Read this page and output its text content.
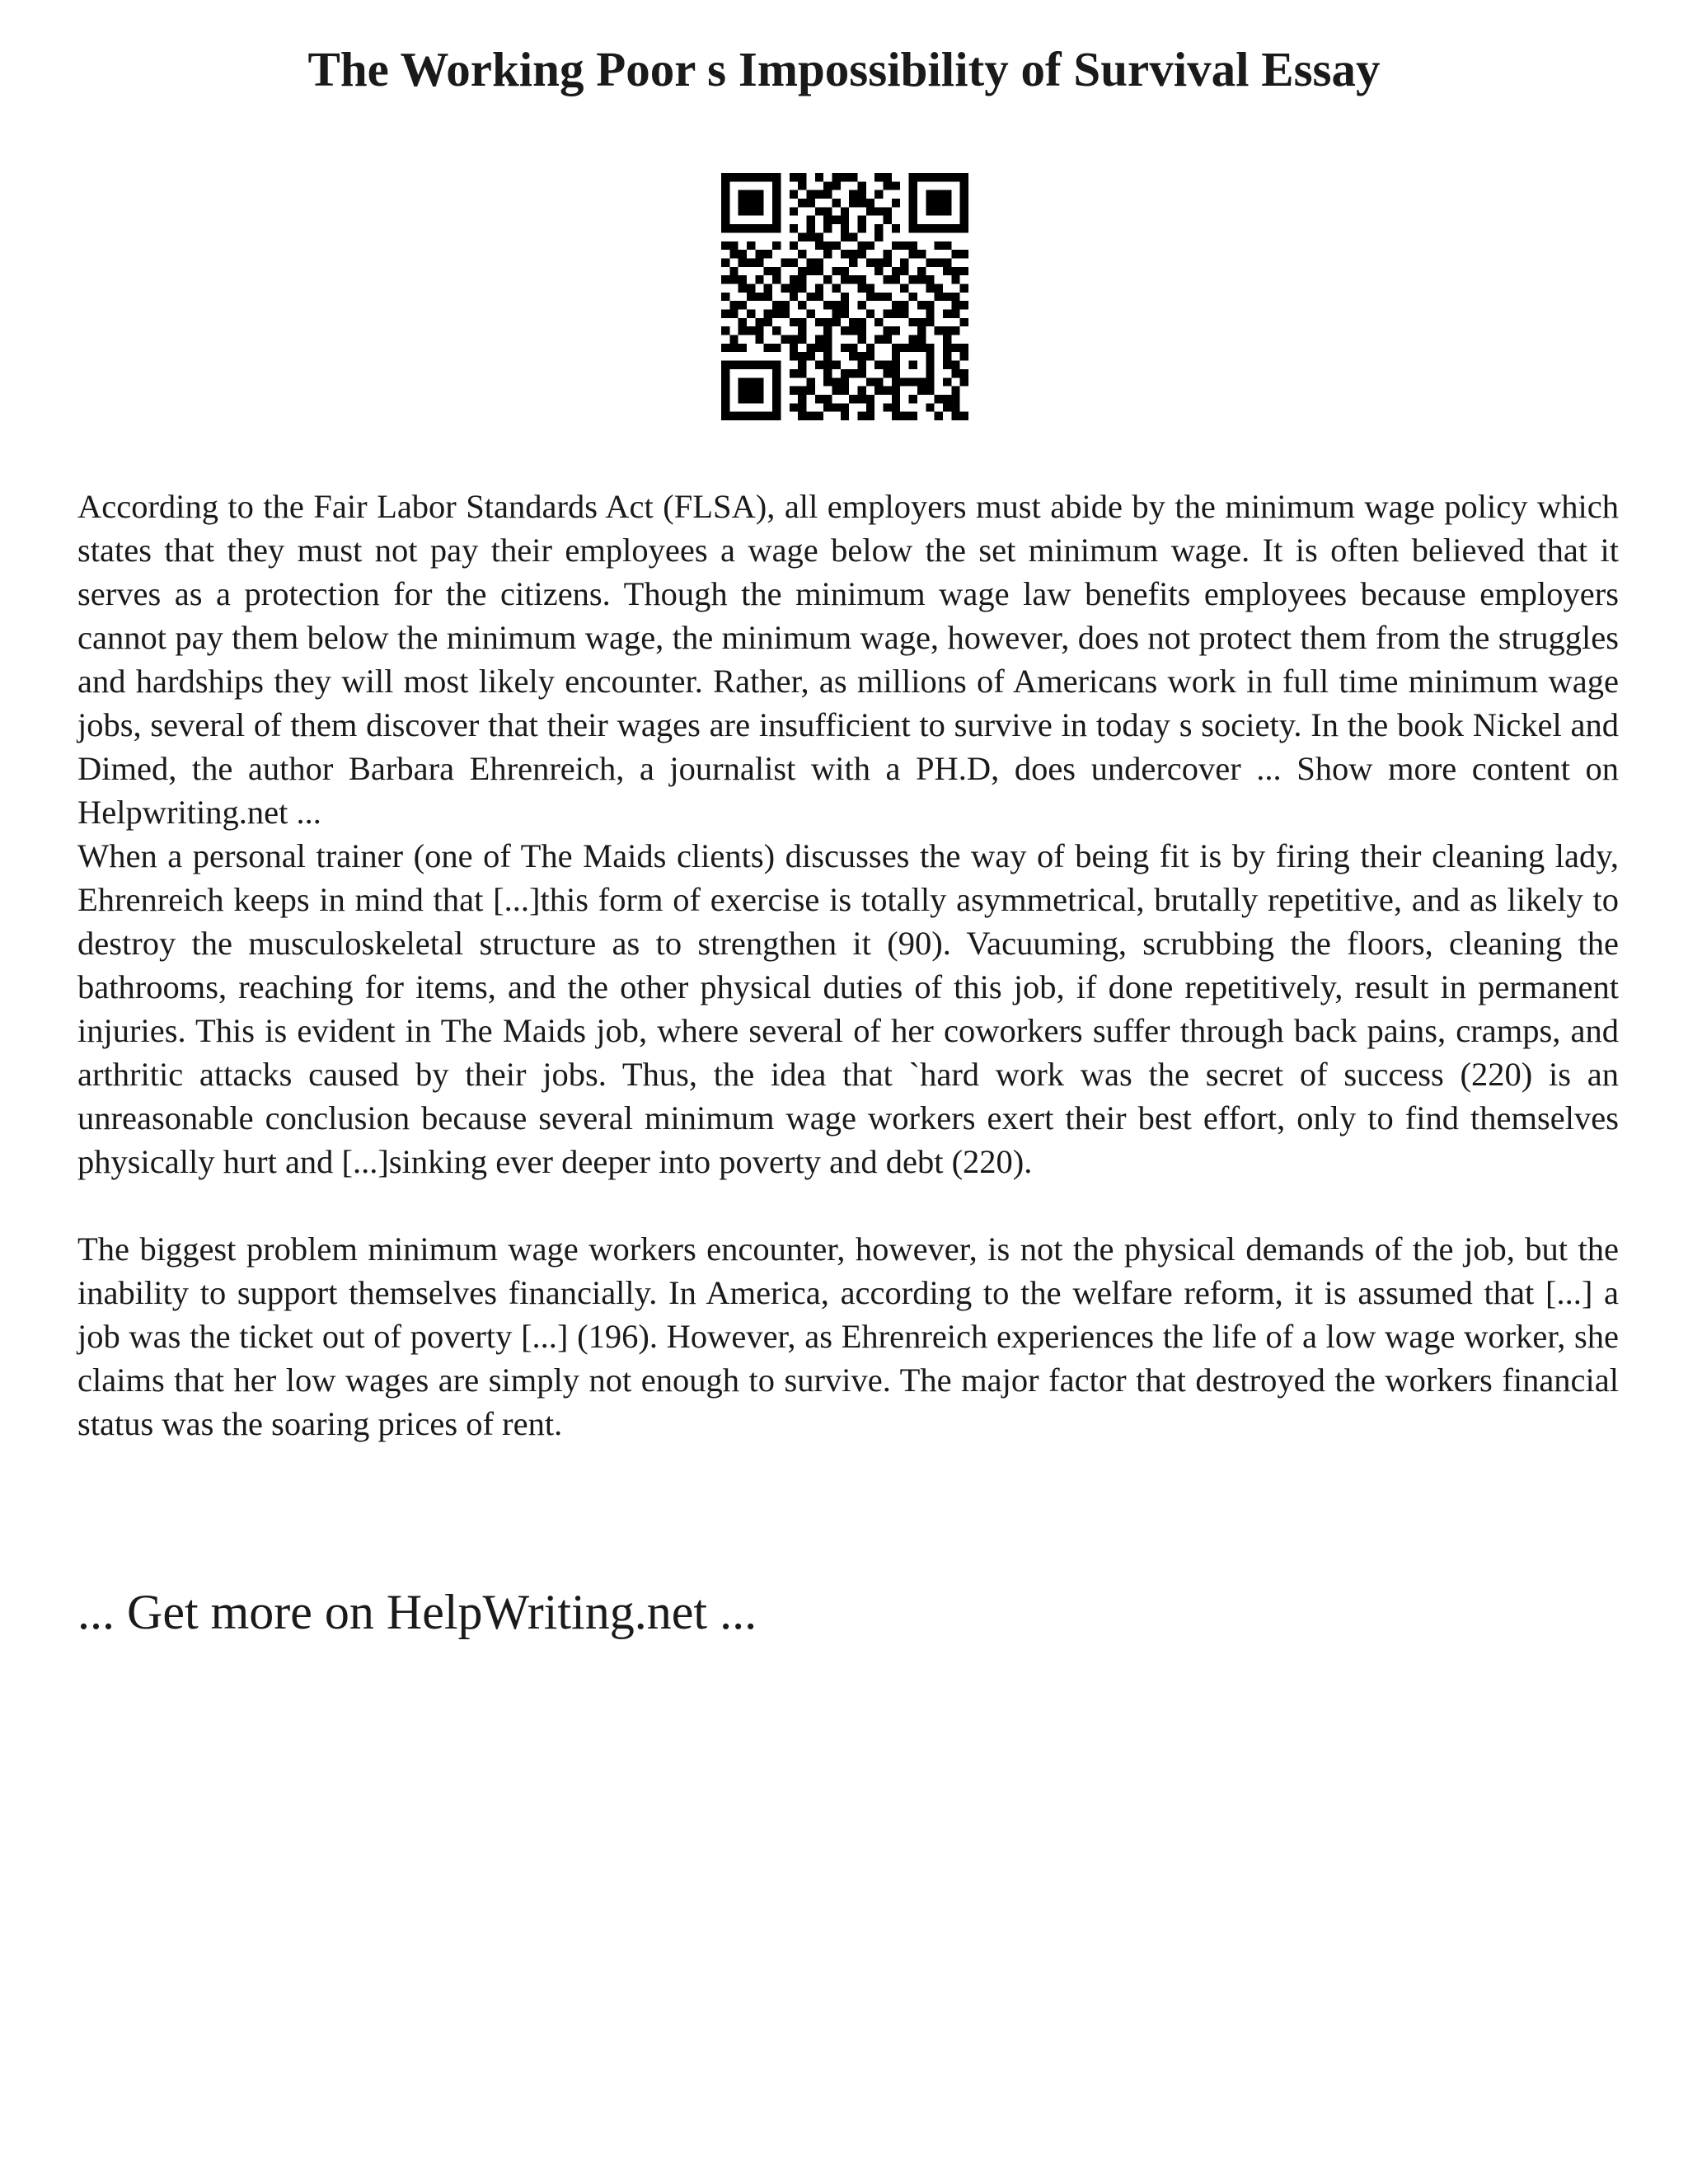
The Working Poor s Impossibility of Survival Essay

According to the Fair Labor Standards Act (FLSA), all employers must abide by the minimum wage policy which states that they must not pay their employees a wage below the set minimum wage. It is often believed that it serves as a protection for the citizens. Though the minimum wage law benefits employees because employers cannot pay them below the minimum wage, the minimum wage, however, does not protect them from the struggles and hardships they will most likely encounter. Rather, as millions of Americans work in full time minimum wage jobs, several of them discover that their wages are insufficient to survive in today s society. In the book Nickel and Dimed, the author Barbara Ehrenreich, a journalist with a PH.D, does undercover ... Show more content on Helpwriting.net ...

When a personal trainer (one of The Maids clients) discusses the way of being fit is by firing their cleaning lady, Ehrenreich keeps in mind that [...]this form of exercise is totally asymmetrical, brutally repetitive, and as likely to destroy the musculoskeletal structure as to strengthen it (90). Vacuuming, scrubbing the floors, cleaning the bathrooms, reaching for items, and the other physical duties of this job, if done repetitively, result in permanent injuries. This is evident in The Maids job, where several of her coworkers suffer through back pains, cramps, and arthritic attacks caused by their jobs. Thus, the idea that `hard work was the secret of success (220) is an unreasonable conclusion because several minimum wage workers exert their best effort, only to find themselves physically hurt and [...]sinking ever deeper into poverty and debt (220).

The biggest problem minimum wage workers encounter, however, is not the physical demands of the job, but the inability to support themselves financially. In America, according to the welfare reform, it is assumed that [...] a job was the ticket out of poverty [...] (196). However, as Ehrenreich experiences the life of a low wage worker, she claims that her low wages are simply not enough to survive. The major factor that destroyed the workers financial status was the soaring prices of rent.

... Get more on HelpWriting.net ...
